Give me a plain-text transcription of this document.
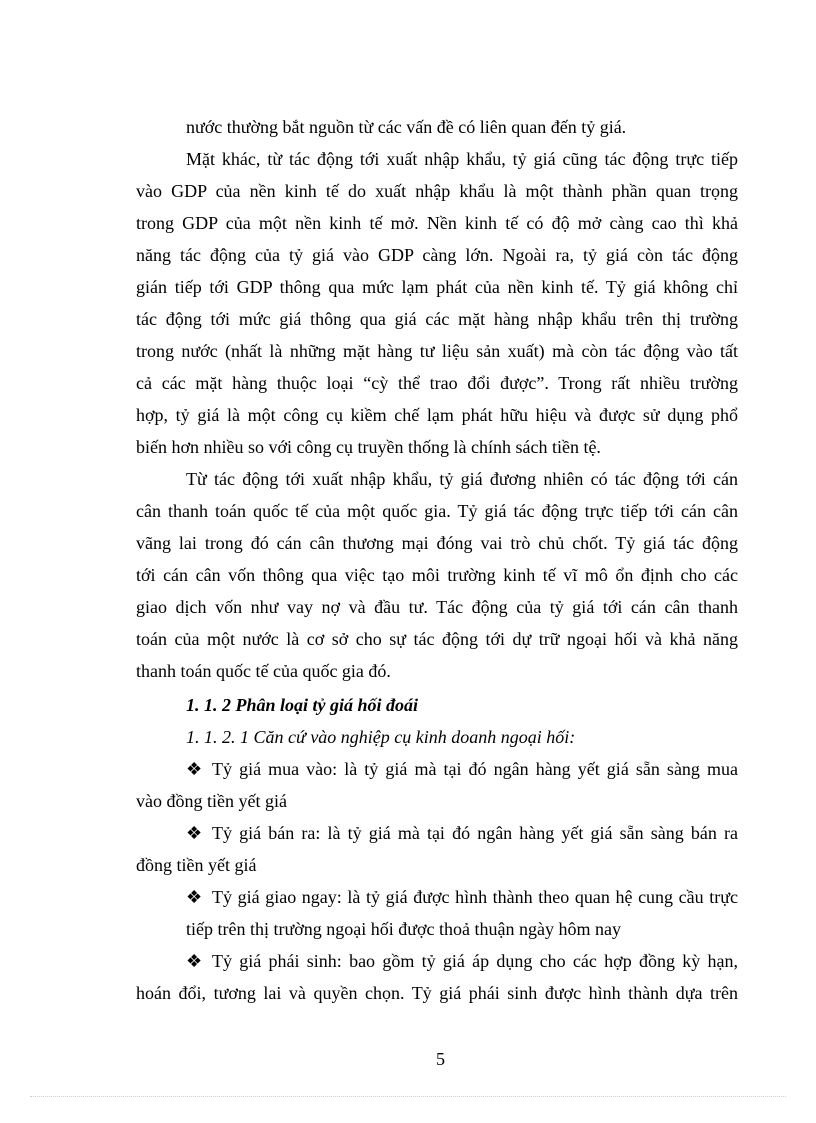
nước thường bắt nguồn từ các vấn đề có liên quan đến tỷ giá.
Mặt khác, từ tác động tới xuất nhập khẩu, tỷ giá cũng tác động trực tiếp
vào GDP của nền kinh tế do xuất nhập khẩu là một thành phần quan trọng
trong GDP của một nền kinh tế mở. Nền kinh tế có độ mở càng cao thì khả
năng tác động của tỷ giá vào GDP càng lớn. Ngoài ra, tỷ giá còn tác động
gián tiếp tới GDP thông qua mức lạm phát của nền kinh tế. Tỷ giá không chỉ
tác động tới mức giá thông qua giá các mặt hàng nhập khẩu trên thị trường
trong nước (nhất là những mặt hàng tư liệu sản xuất) mà còn tác động vào tất
cả các mặt hàng thuộc loại “cỳ thể trao đổi được”. Trong rất nhiều trường
hợp, tỷ giá là một công cụ kiềm chế lạm phát hữu hiệu và được sử dụng phổ
biến hơn nhiều so với công cụ truyền thống là chính sách tiền tệ.
Từ tác động tới xuất nhập khẩu, tỷ giá đương nhiên có tác động tới cán
cân thanh toán quốc tế của một quốc gia. Tỷ giá tác động trực tiếp tới cán cân
vãng lai trong đó cán cân thương mại đóng vai trò chủ chốt. Tỷ giá tác động
tới cán cân vốn thông qua việc tạo môi trường kinh tế vĩ mô ổn định cho các
giao dịch vốn như vay nợ và đầu tư. Tác động của tỷ giá tới cán cân thanh
toán của một nước là cơ sở cho sự tác động tới dự trữ ngoại hối và khả năng
thanh toán quốc tế của quốc gia đó.
1. 1. 2 Phân loại tỷ giá hối đoái
1. 1. 2. 1 Căn cứ vào nghiệp cụ kinh doanh ngoại hối:
❖ Tỷ giá mua vào: là tỷ giá mà tại đó ngân hàng yết giá sẵn sàng mua
vào đồng tiền yết giá
❖ Tỷ giá bán ra: là tỷ giá mà tại đó ngân hàng yết giá sẵn sàng bán ra
đồng tiền yết giá
❖ Tỷ giá giao ngay: là tỷ giá được hình thành theo quan hệ cung cầu trực
tiếp trên thị trường ngoại hối được thoả thuận ngày hôm nay
❖ Tỷ giá phái sinh: bao gồm tỷ giá áp dụng cho các hợp đồng kỳ hạn,
hoán đổi, tương lai và quyền chọn. Tỷ giá phái sinh được hình thành dựa trên
5
